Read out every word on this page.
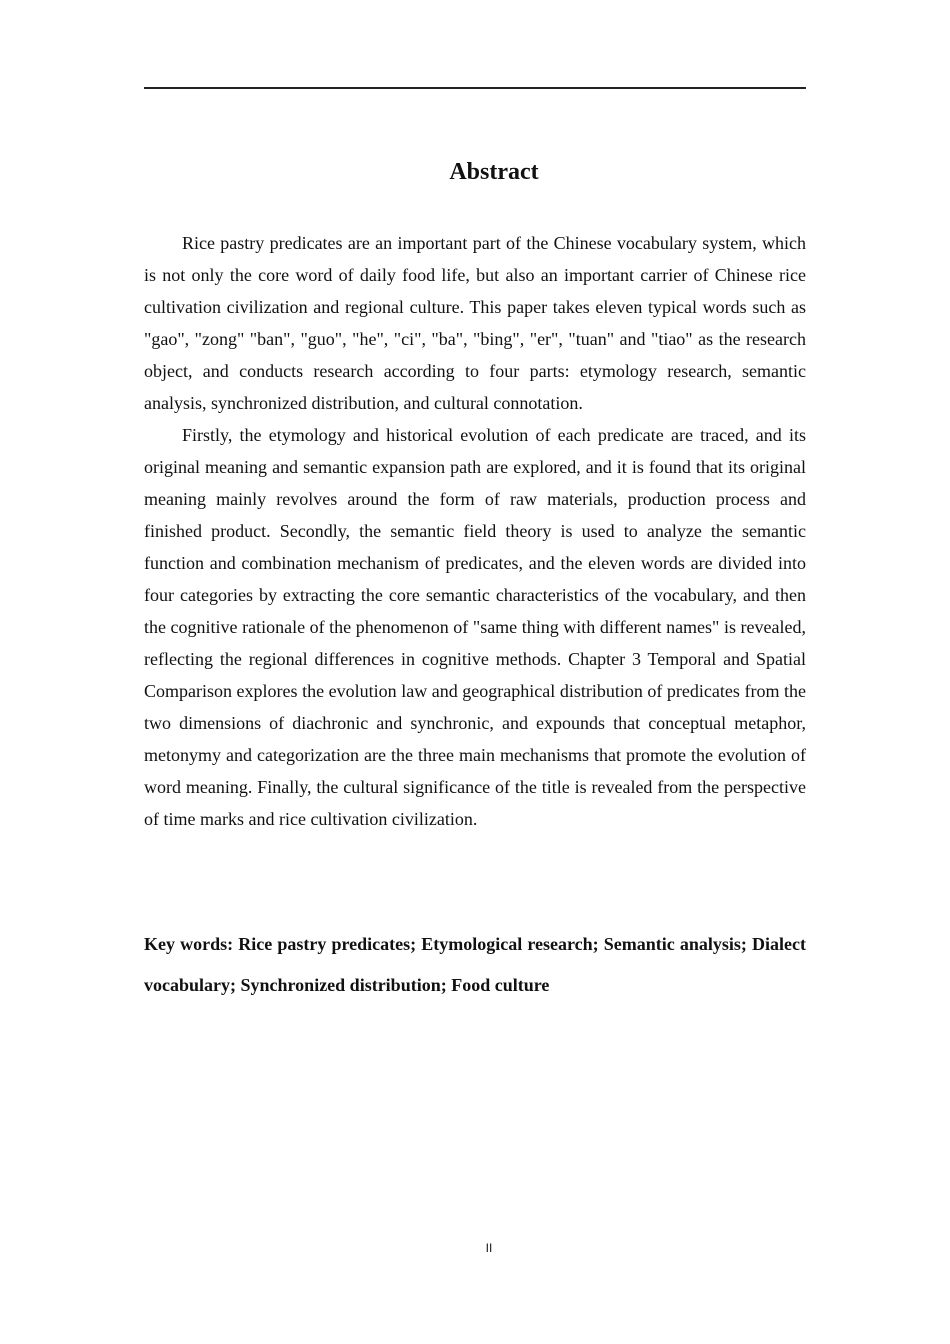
Abstract

Rice pastry predicates are an important part of the Chinese vocabulary system, which is not only the core word of daily food life, but also an important carrier of Chinese rice cultivation civilization and regional culture. This paper takes eleven typical words such as "gao", "zong" "ban", "guo", "he", "ci", "ba", "bing", "er", "tuan" and "tiao" as the research object, and conducts research according to four parts: etymology research, semantic analysis, synchronized distribution, and cultural connotation.

Firstly, the etymology and historical evolution of each predicate are traced, and its original meaning and semantic expansion path are explored, and it is found that its original meaning mainly revolves around the form of raw materials, production process and finished product. Secondly, the semantic field theory is used to analyze the semantic function and combination mechanism of predicates, and the eleven words are divided into four categories by extracting the core semantic characteristics of the vocabulary, and then the cognitive rationale of the phenomenon of "same thing with different names" is revealed, reflecting the regional differences in cognitive methods. Chapter 3 Temporal and Spatial Comparison explores the evolution law and geographical distribution of predicates from the two dimensions of diachronic and synchronic, and expounds that conceptual metaphor, metonymy and categorization are the three main mechanisms that promote the evolution of word meaning. Finally, the cultural significance of the title is revealed from the perspective of time marks and rice cultivation civilization.

Key words: Rice pastry predicates; Etymological research; Semantic analysis; Dialect vocabulary; Synchronized distribution; Food culture

II
